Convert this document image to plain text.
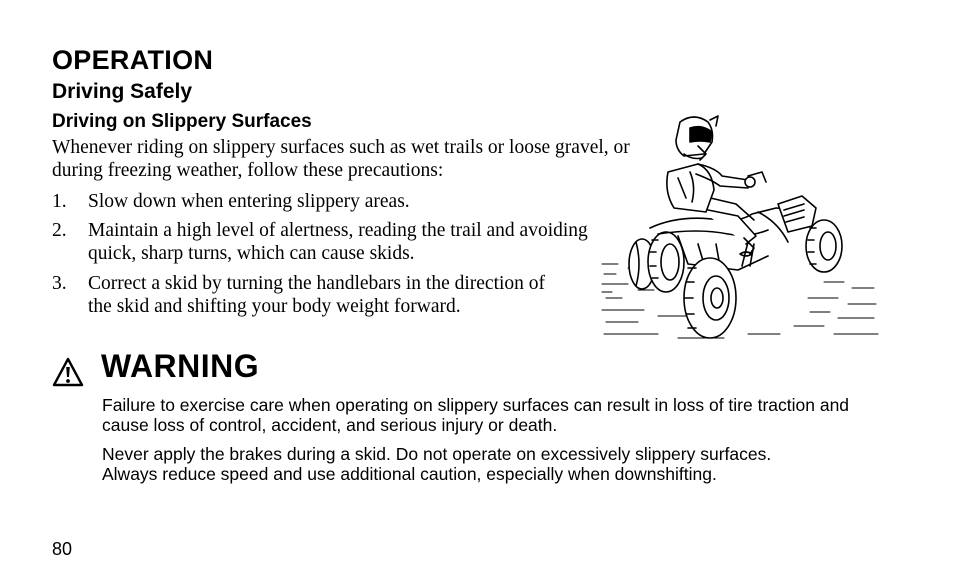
OPERATION
Driving Safely
Driving on Slippery Surfaces
Whenever riding on slippery surfaces such as wet trails or loose gravel, or during freezing weather, follow these precautions:
1. Slow down when entering slippery areas.
2. Maintain a high level of alertness, reading the trail and avoiding quick, sharp turns, which can cause skids.
3. Correct a skid by turning the handlebars in the direction of the skid and shifting your body weight forward.
WARNING
Failure to exercise care when operating on slippery surfaces can result in loss of tire traction and cause loss of control, accident, and serious injury or death.
Never apply the brakes during a skid. Do not operate on excessively slippery surfaces. Always reduce speed and use additional caution, especially when downshifting.
80
